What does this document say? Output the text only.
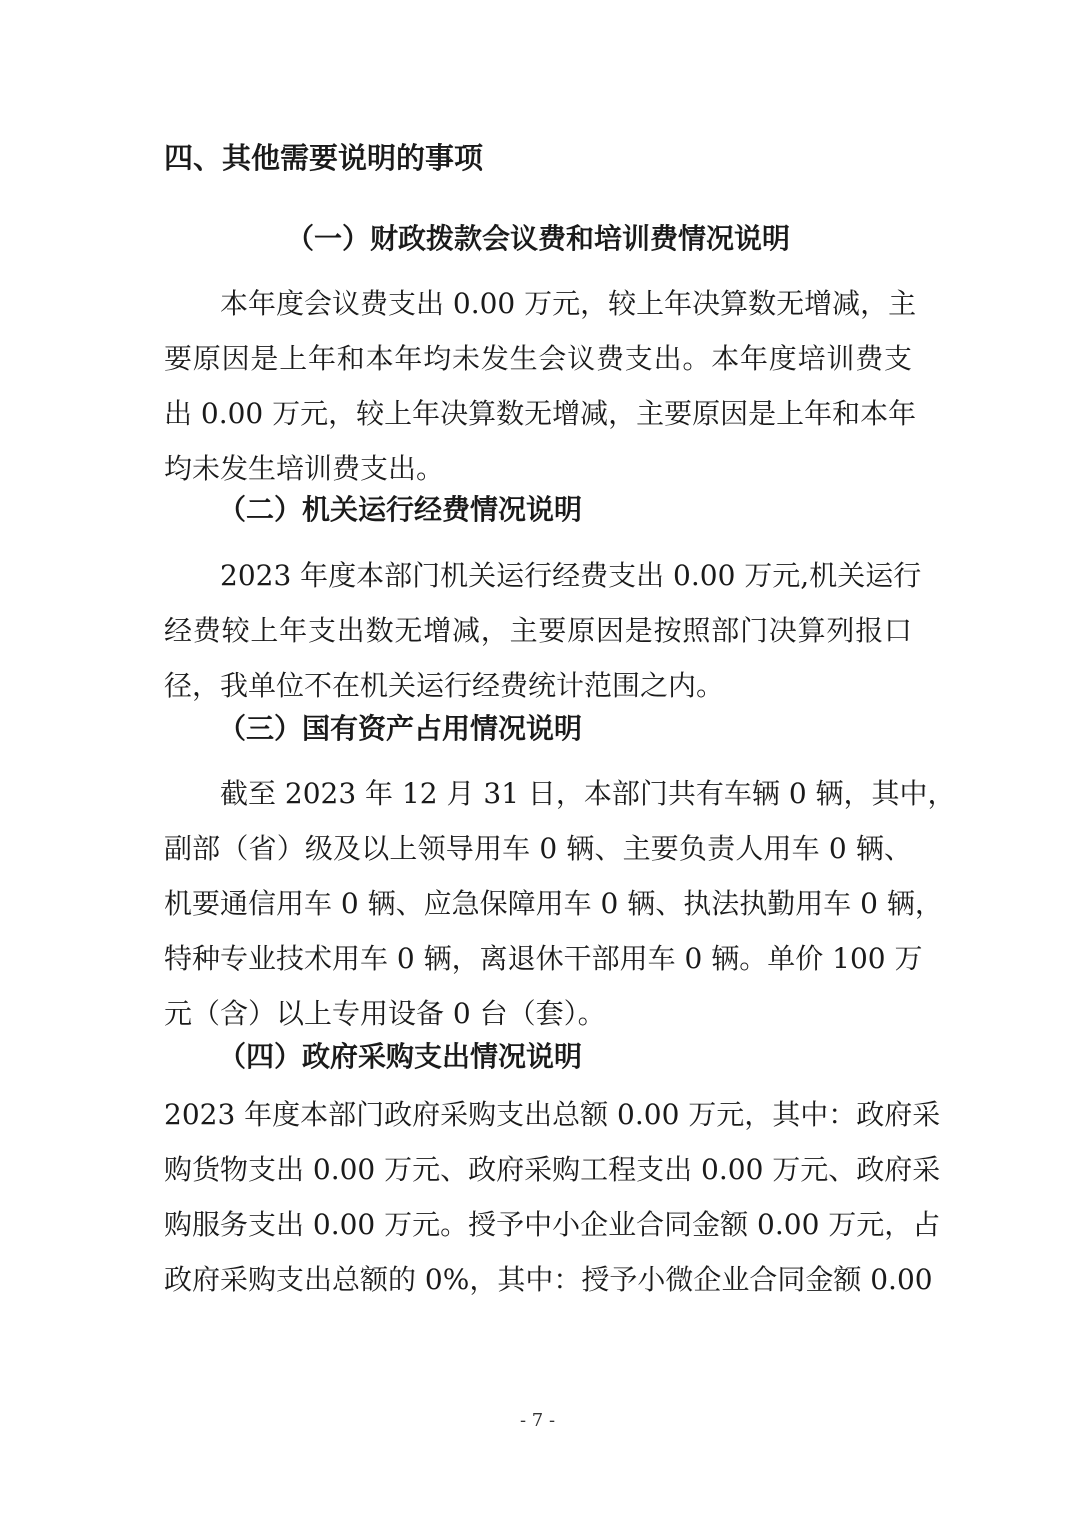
四、其他需要说明的事项
（一）财政拨款会议费和培训费情况说明
本年度会议费支出 0.00 万元，较上年决算数无增减，主
要原因是上年和本年均未发生会议费支出。本年度培训费支
出 0.00 万元，较上年决算数无增减，主要原因是上年和本年
均未发生培训费支出。
（二）机关运行经费情况说明
2023 年度本部门机关运行经费支出 0.00 万元,机关运行
经费较上年支出数无增减，主要原因是按照部门决算列报口
径，我单位不在机关运行经费统计范围之内。
（三）国有资产占用情况说明
截至 2023 年 12 月 31 日，本部门共有车辆 0 辆，其中，
副部（省）级及以上领导用车 0 辆、主要负责人用车 0 辆、
机要通信用车 0 辆、应急保障用车 0 辆、执法执勤用车 0 辆，
特种专业技术用车 0 辆，离退休干部用车 0 辆。单价 100 万
元（含）以上专用设备 0 台（套）。
（四）政府采购支出情况说明
2023 年度本部门政府采购支出总额 0.00 万元，其中：政府采
购货物支出 0.00 万元、政府采购工程支出 0.00 万元、政府采
购服务支出 0.00 万元。授予中小企业合同金额 0.00 万元，占
政府采购支出总额的 0%，其中：授予小微企业合同金额 0.00
- 7 -
